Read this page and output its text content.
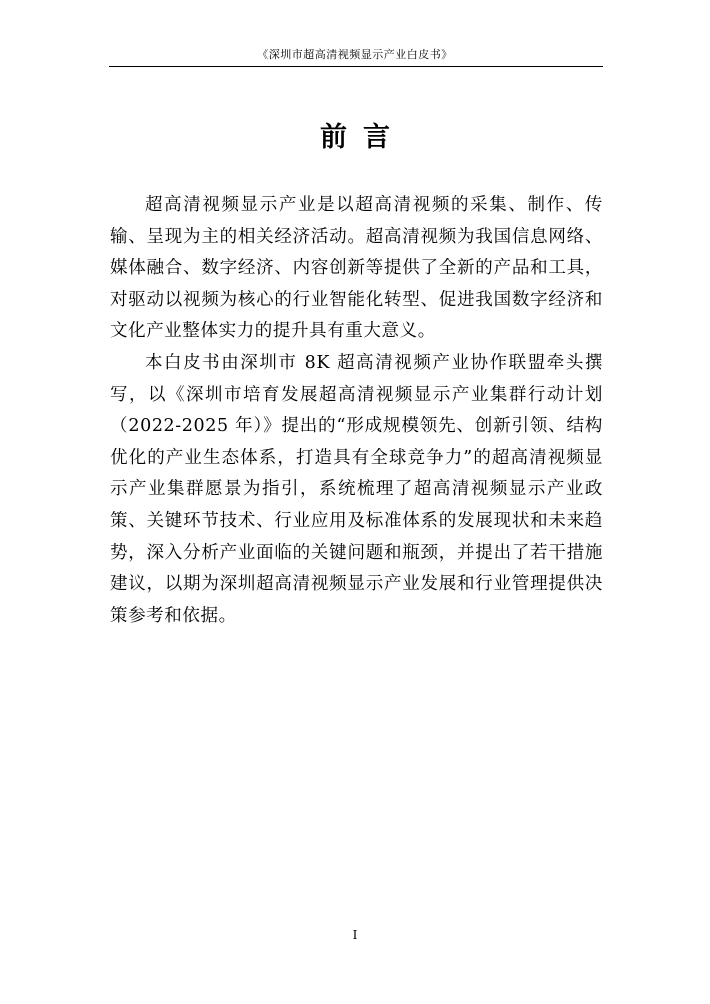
《深圳市超高清视频显示产业白皮书》
前言

超高清视频显示产业是以超高清视频的采集、制作、传输、呈现为主的相关经济活动。超高清视频为我国信息网络、媒体融合、数字经济、内容创新等提供了全新的产品和工具，对驱动以视频为核心的行业智能化转型、促进我国数字经济和文化产业整体实力的提升具有重大意义。

本白皮书由深圳市 8K 超高清视频产业协作联盟牵头撰写，以《深圳市培育发展超高清视频显示产业集群行动计划（2022-2025 年）》提出的“形成规模领先、创新引领、结构优化的产业生态体系，打造具有全球竞争力”的超高清视频显示产业集群愿景为指引，系统梳理了超高清视频显示产业政策、关键环节技术、行业应用及标准体系的发展现状和未来趋势，深入分析产业面临的关键问题和瓶颈，并提出了若干措施建议，以期为深圳超高清视频显示产业发展和行业管理提供决策参考和依据。

I
